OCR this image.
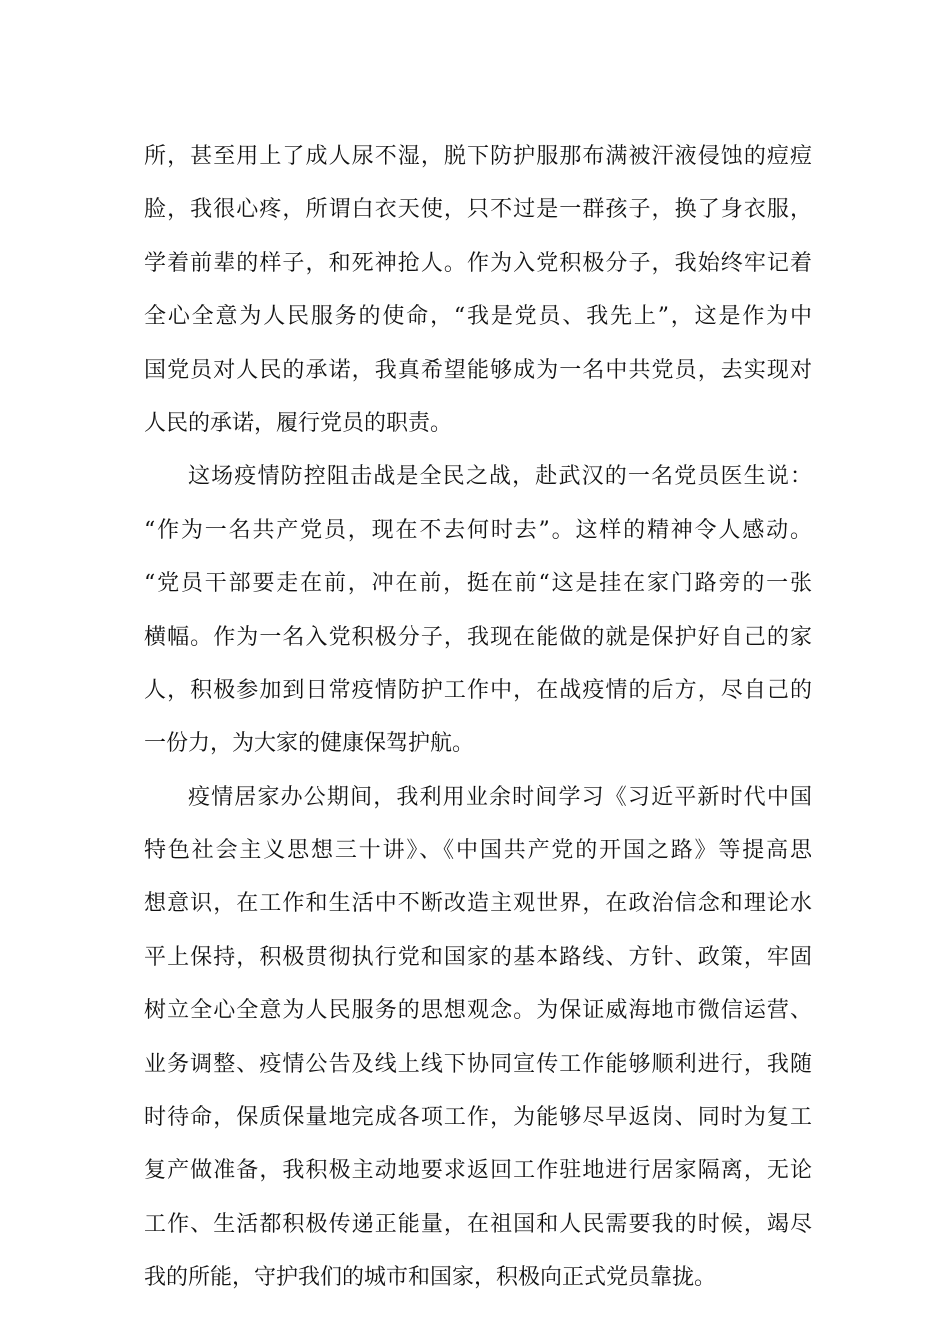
所，甚至用上了成人尿不湿，脱下防护服那布满被汗液侵蚀的痘痘
脸，我很心疼，所谓白衣天使，只不过是一群孩子，换了身衣服，
学着前辈的样子，和死神抢人。作为入党积极分子，我始终牢记着
全心全意为人民服务的使命，“我是党员、我先上”，这是作为中
国党员对人民的承诺，我真希望能够成为一名中共党员，去实现对
人民的承诺，履行党员的职责。
这场疫情防控阻击战是全民之战，赴武汉的一名党员医生说：
“作为一名共产党员，现在不去何时去”。这样的精神令人感动。
“党员干部要走在前，冲在前，挺在前“这是挂在家门路旁的一张
横幅。作为一名入党积极分子，我现在能做的就是保护好自己的家
人，积极参加到日常疫情防护工作中，在战疫情的后方，尽自己的
一份力，为大家的健康保驾护航。
疫情居家办公期间，我利用业余时间学习《习近平新时代中国
特色社会主义思想三十讲》、《中国共产党的开国之路》等提高思
想意识，在工作和生活中不断改造主观世界，在政治信念和理论水
平上保持，积极贯彻执行党和国家的基本路线、方针、政策，牢固
树立全心全意为人民服务的思想观念。为保证威海地市微信运营、
业务调整、疫情公告及线上线下协同宣传工作能够顺利进行，我随
时待命，保质保量地完成各项工作，为能够尽早返岗、同时为复工
复产做准备，我积极主动地要求返回工作驻地进行居家隔离，无论
工作、生活都积极传递正能量，在祖国和人民需要我的时候，竭尽
我的所能，守护我们的城市和国家，积极向正式党员靠拢。
